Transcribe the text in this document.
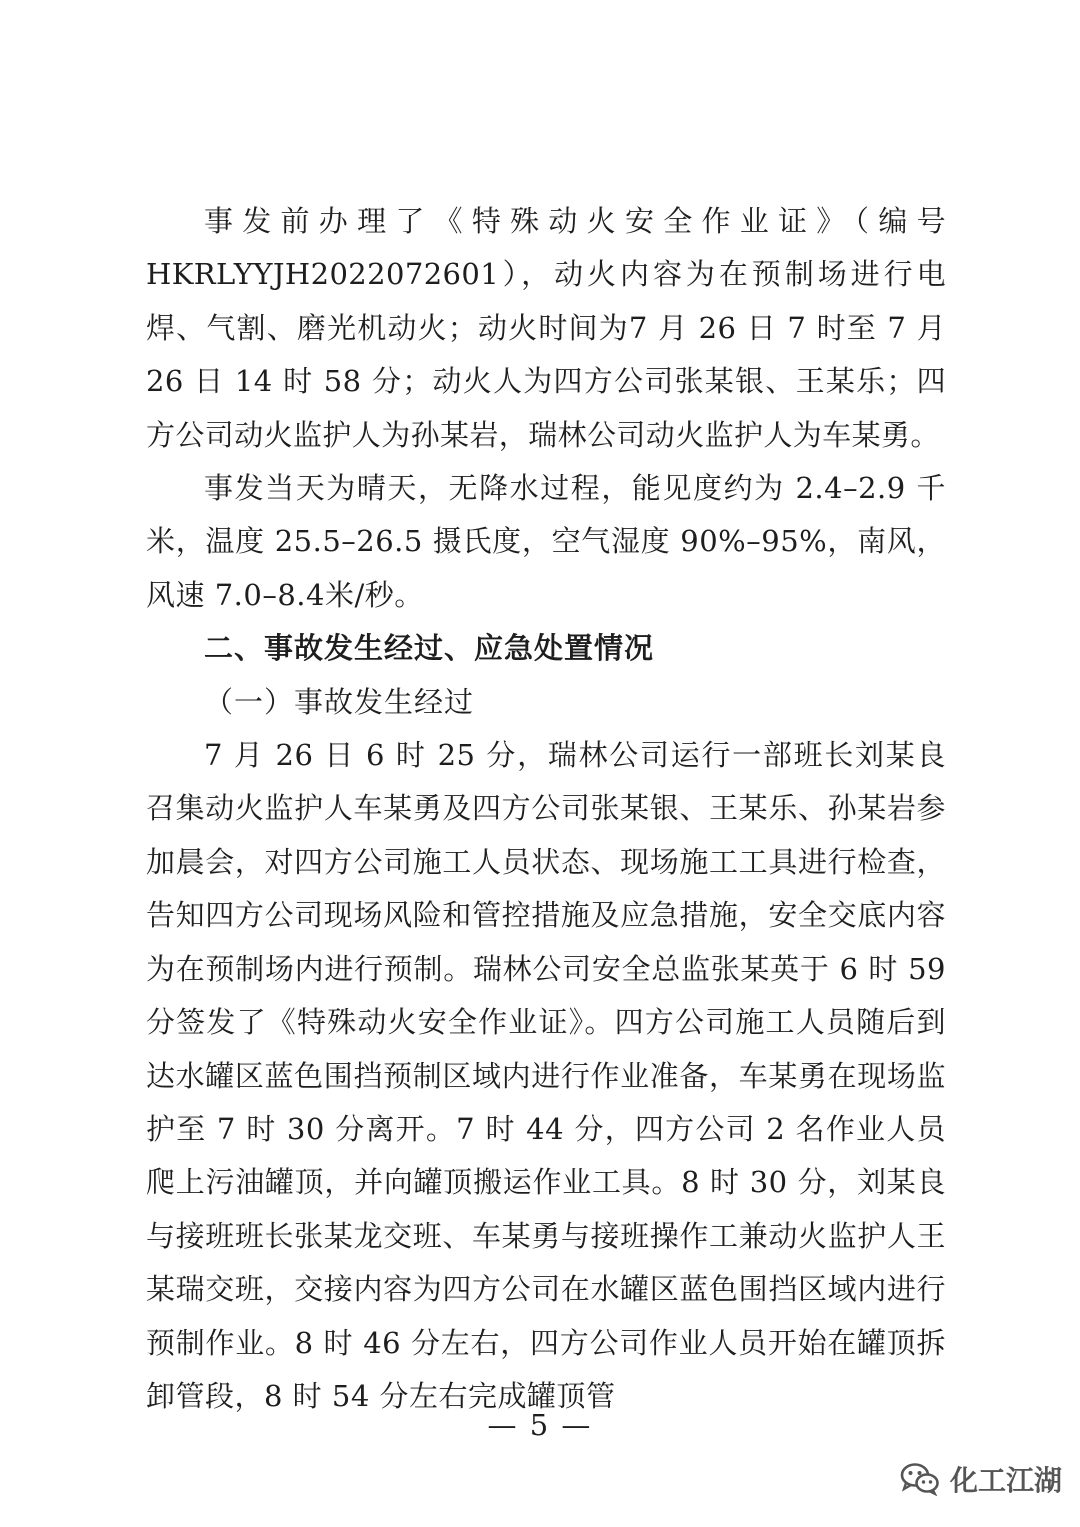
事发前办理了《特殊动火安全作业证》（编号 HKRLYYJH2022072601），动火内容为在预制场进行电焊、气割、磨光机动火；动火时间为7 月 26 日 7 时至 7 月 26 日 14 时 58 分；动火人为四方公司张某银、王某乐；四方公司动火监护人为孙某岩，瑞林公司动火监护人为车某勇。

事发当天为晴天，无降水过程，能见度约为 2.4–2.9 千米，温度 25.5–26.5 摄氏度，空气湿度 90%–95%，南风，风速 7.0–8.4米/秒。

二、事故发生经过、应急处置情况

（一）事故发生经过

7 月 26 日 6 时 25 分，瑞林公司运行一部班长刘某良召集动火监护人车某勇及四方公司张某银、王某乐、孙某岩参加晨会，对四方公司施工人员状态、现场施工工具进行检查，告知四方公司现场风险和管控措施及应急措施，安全交底内容为在预制场内进行预制。瑞林公司安全总监张某英于 6 时 59 分签发了《特殊动火安全作业证》。四方公司施工人员随后到达水罐区蓝色围挡预制区域内进行作业准备，车某勇在现场监护至 7 时 30 分离开。7 时 44 分，四方公司 2 名作业人员爬上污油罐顶，并向罐顶搬运作业工具。8 时 30 分，刘某良与接班班长张某龙交班、车某勇与接班操作工兼动火监护人王某瑞交班，交接内容为四方公司在水罐区蓝色围挡区域内进行预制作业。8 时 46 分左右，四方公司作业人员开始在罐顶拆卸管段，8 时 54 分左右完成罐顶管

— 5 —
化工江湖
